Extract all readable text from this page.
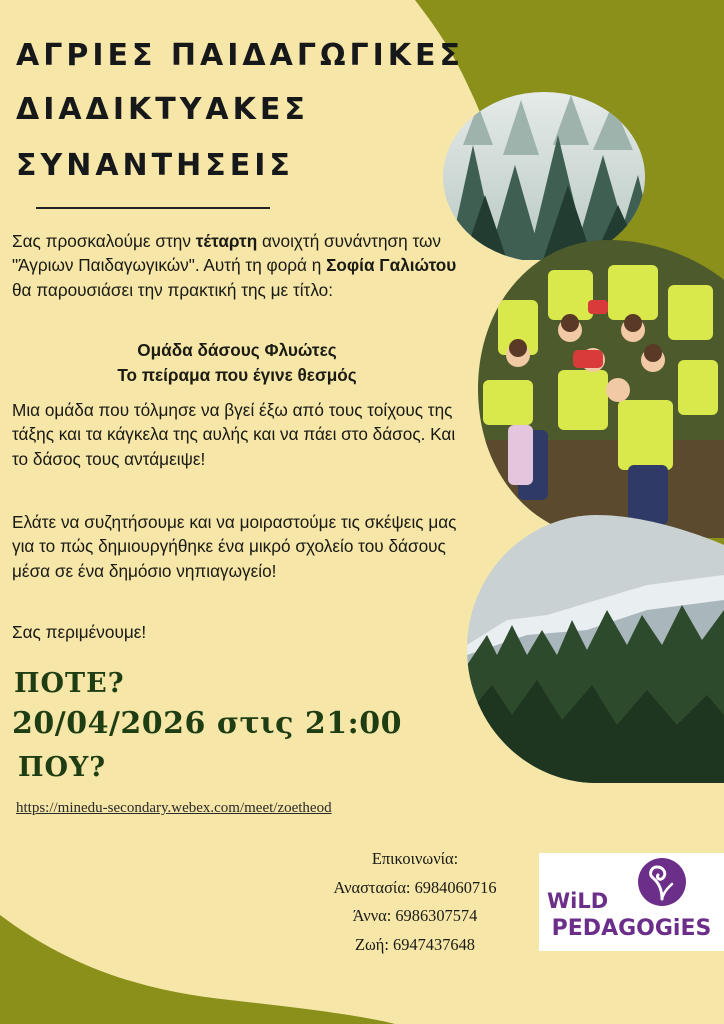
ΑΓΡΙΕΣ ΠΑΙΔΑΓΩΓΙΚΕΣ
ΔΙΑΔΙΚΤΥΑΚΕΣ
ΣΥΝΑΝΤΗΣΕΙΣ

Σας προσκαλούμε στην τέταρτη ανοιχτή συνάντηση των "Άγριων Παιδαγωγικών". Αυτή τη φορά η Σοφία Γαλιώτου θα παρουσιάσει την πρακτική της με τίτλο:

Ομάδα δάσους Φλυώτες

Το πείραμα που έγινε θεσμός

Μια ομάδα που τόλμησε να βγεί έξω από τους τοίχους της τάξης και τα κάγκελα της αυλής και να πάει στο δάσος. Και το δάσος τους αντάμειψε!

Ελάτε να συζητήσουμε και να μοιραστούμε τις σκέψεις μας για το πώς δημιουργήθηκε ένα μικρό σχολείο του δάσους μέσα σε ένα δημόσιο νηπιαγωγείο!

Σας περιμένουμε!

ΠΟΤΕ?

20/04/2026 στις 21:00

ΠΟΥ?

https://minedu-secondary.webex.com/meet/zoetheod

Επικοινωνία:

Αναστασία: 6984060716

Άννα: 6986307574

Ζωή: 6947437648

WiLD
PEDAGOGiES
